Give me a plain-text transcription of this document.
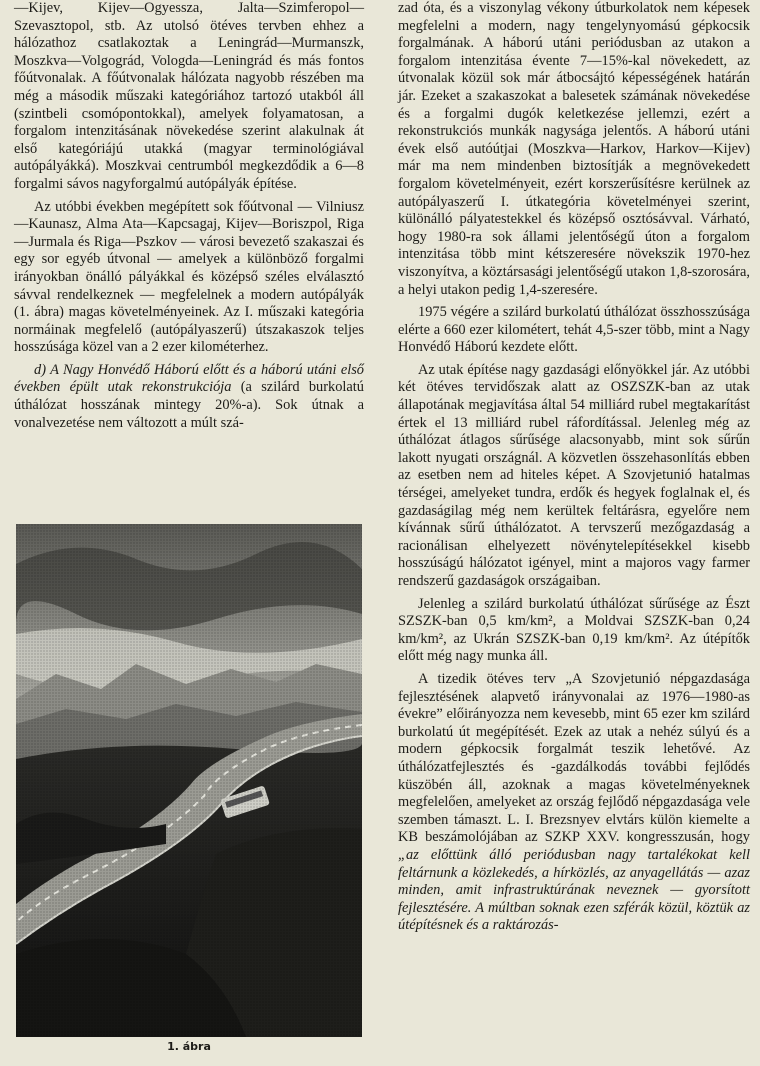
—Kijev, Kijev—Ogyessza, Jalta—Szimferopol—Szevasztopol, stb. Az utolsó ötéves tervben ehhez a hálózathoz csatlakoztak a Leningrád—Murmanszk, Moszkva—Volgográd, Vologda—Leningrád és más fontos főútvonalak. A főútvonalak hálózata nagyobb részében ma még a második műszaki kategóriához tartozó utakból áll (szintbeli csomópontokkal), amelyek folyamatosan, a forgalom intenzitásának növekedése szerint alakulnak át első kategóriájú utakká (magyar terminológiával autópályákká). Moszkvai centrumból megkezdődik a 6—8 forgalmi sávos nagyforgalmú autópályák építése.

Az utóbbi években megépített sok főútvonal — Vilniusz—Kaunasz, Alma Ata—Kapcsagaj, Kijev—Boriszpol, Riga—Jurmala és Riga—Pszkov — városi bevezető szakaszai és egy sor egyéb útvonal — amelyek a különböző forgalmi irányokban önálló pályákkal és középső széles elválasztó sávval rendelkeznek — megfelelnek a modern autópályák (1. ábra) magas követelményeinek. Az I. műszaki kategória normáinak megfelelő (autópályaszerű) útszakaszok teljes hosszúsága közel van a 2 ezer kilométerhez.

d) A Nagy Honvédő Háború előtt és a háború utáni első években épült utak rekonstrukciója (a szilárd burkolatú úthálózat hosszának mintegy 20%-a). Sok útnak a vonalvezetése nem változott a múlt szá-

1. ábra

zad óta, és a viszonylag vékony útburkolatok nem képesek megfelelni a modern, nagy tengelynyomású gépkocsik forgalmának. A háború utáni periódusban az utakon a forgalom intenzitása évente 7—15%-kal növekedett, az útvonalak közül sok már átbocsájtó képességének határán jár. Ezeket a szakaszokat a balesetek számának növekedése és a forgalmi dugók keletkezése jellemzi, ezért a rekonstrukciós munkák nagysága jelentős. A háború utáni évek első autóútjai (Moszkva—Harkov, Harkov—Kijev) már ma nem mindenben biztosítják a megnövekedett forgalom követelményeit, ezért korszerűsítésre kerülnek az autópályaszerű I. útkategória követelményei szerint, különálló pályatestekkel és középső osztósávval. Várható, hogy 1980-ra sok állami jelentőségű úton a forgalom intenzitása több mint kétszeresére növekszik 1970-hez viszonyítva, a köztársasági jelentőségű utakon 1,8-szorosára, a helyi utakon pedig 1,4-szeresére.

1975 végére a szilárd burkolatú úthálózat összhosszúsága elérte a 660 ezer kilométert, tehát 4,5-szer több, mint a Nagy Honvédő Háború kezdete előtt.

Az utak építése nagy gazdasági előnyökkel jár. Az utóbbi két ötéves tervidőszak alatt az OSZSZK-ban az utak állapotának megjavítása által 54 milliárd rubel megtakarítást értek el 13 milliárd rubel ráfordítással. Jelenleg még az úthálózat átlagos sűrűsége alacsonyabb, mint sok sűrűn lakott nyugati országnál. A közvetlen összehasonlítás ebben az esetben nem ad hiteles képet. A Szovjetunió hatalmas térségei, amelyeket tundra, erdők és hegyek foglalnak el, és gazdaságilag még nem kerültek feltárásra, egyelőre nem kívánnak sűrű úthálózatot. A tervszerű mezőgazdaság a racionálisan elhelyezett növénytelepítésekkel kisebb hosszúságú hálózatot igényel, mint a majoros vagy farmer rendszerű gazdaságok országaiban.

Jelenleg a szilárd burkolatú úthálózat sűrűsége az Észt SZSZK-ban 0,5 km/km², a Moldvai SZSZK-ban 0,24 km/km², az Ukrán SZSZK-ban 0,19 km/km². Az útépítők előtt még nagy munka áll.

A tizedik ötéves terv „A Szovjetunió népgazdasága fejlesztésének alapvető irányvonalai az 1976—1980-as évekre” előirányozza nem kevesebb, mint 65 ezer km szilárd burkolatú út megépítését. Ezek az utak a nehéz súlyú és a modern gépkocsik forgalmát teszik lehetővé. Az úthálózatfejlesztés és -gazdálkodás további fejlődés küszöbén áll, azoknak a magas követelményeknek megfelelően, amelyeket az ország fejlődő népgazdasága vele szemben támaszt. L. I. Brezsnyev elvtárs külön kiemelte a KB beszámolójában az SZKP XXV. kongresszusán, hogy „az előttünk álló periódusban nagy tartalékokat kell feltárnunk a közlekedés, a hírközlés, az anyagellátás — azaz minden, amit infrastruktúrának neveznek — gyorsított fejlesztésére. A múltban soknak ezen szférák közül, köztük az útépítésnek és a raktározás-
